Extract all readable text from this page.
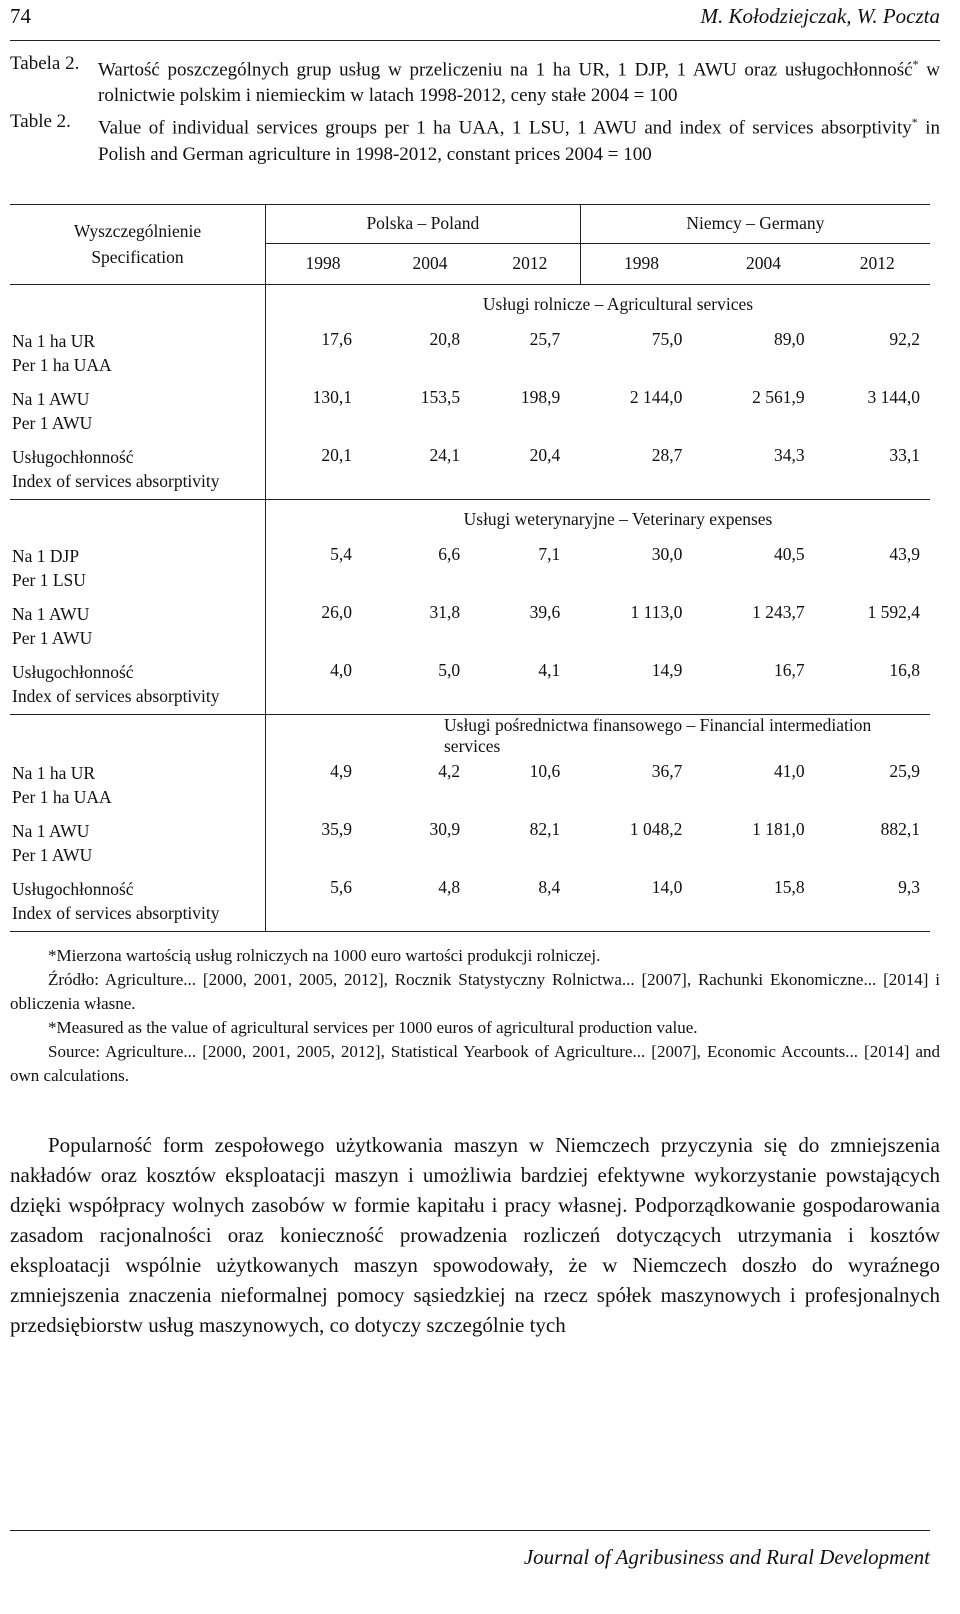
74	M. Kołodziejczak, W. Poczta
Tabela 2. Wartość poszczególnych grup usług w przeliczeniu na 1 ha UR, 1 DJP, 1 AWU oraz usługochłonność* w rolnictwie polskim i niemieckim w latach 1998-2012, ceny stałe 2004 = 100
Table 2.	Value of individual services groups per 1 ha UAA, 1 LSU, 1 AWU and index of services absorptivity* in Polish and German agriculture in 1998-2012, constant prices 2004 = 100
Wyszczególnienie
Specification	Polska – Poland			Niemcy – Germany		
	1998	2004	2012	1998	2004	2012
	Usługi rolnicze – Agricultural services					

Na 1 ha UR
Per 1 ha UAA	17,6	20,8	25,7	75,0	89,0	92,2

Na 1 AWU
Per 1 AWU	130,1	153,5	198,9	2 144,0	2 561,9	3 144,0

Usługochłonność
Index of services absorptivity	20,1	24,1	20,4	28,7	34,3	33,1
	Usługi weterynaryjne – Veterinary expenses					

Na 1 DJP
Per 1 LSU	5,4	6,6	7,1	30,0	40,5	43,9

Na 1 AWU
Per 1 AWU	26,0	31,8	39,6	1 113,0	1 243,7	1 592,4

Usługochłonność
Index of services absorptivity	4,0	5,0	4,1	14,9	16,7	16,8
	Usługi pośrednictwa finansowego – Financial intermediation services					

Na 1 ha UR
Per 1 ha UAA	4,9	4,2	10,6	36,7	41,0	25,9

Na 1 AWU
Per 1 AWU	35,9	30,9	82,1	1 048,2	1 181,0	882,1

Usługochłonność
Index of services absorptivity	5,6	4,8	8,4	14,0	15,8	9,3
*Mierzona wartością usług rolniczych na 1000 euro wartości produkcji rolniczej.
Źródło: Agriculture... [2000, 2001, 2005, 2012], Rocznik Statystyczny Rolnictwa... [2007], Rachunki Ekonomiczne... [2014] i obliczenia własne.
*Measured as the value of agricultural services per 1000 euros of agricultural production value.
Source: Agriculture... [2000, 2001, 2005, 2012], Statistical Yearbook of Agriculture... [2007], Economic Accounts... [2014] and own calculations.

Popularność form zespołowego użytkowania maszyn w Niemczech przyczynia się do zmniejszenia nakładów oraz kosztów eksploatacji maszyn i umożliwia bardziej efektywne wykorzystanie powstających dzięki współpracy wolnych zasobów w formie kapitału i pracy własnej. Podporządkowanie gospodarowania zasadom racjonalności oraz konieczność prowadzenia rozliczeń dotyczących utrzymania i kosztów eksploatacji wspólnie użytkowanych maszyn spowodowały, że w Niemczech doszło do wyraźnego zmniejszenia znaczenia nieformalnej pomocy sąsiedzkiej na rzecz spółek maszynowych i profesjonalnych przedsiębiorstw usług maszynowych, co dotyczy szczególnie tych

Journal of Agribusiness and Rural Development
